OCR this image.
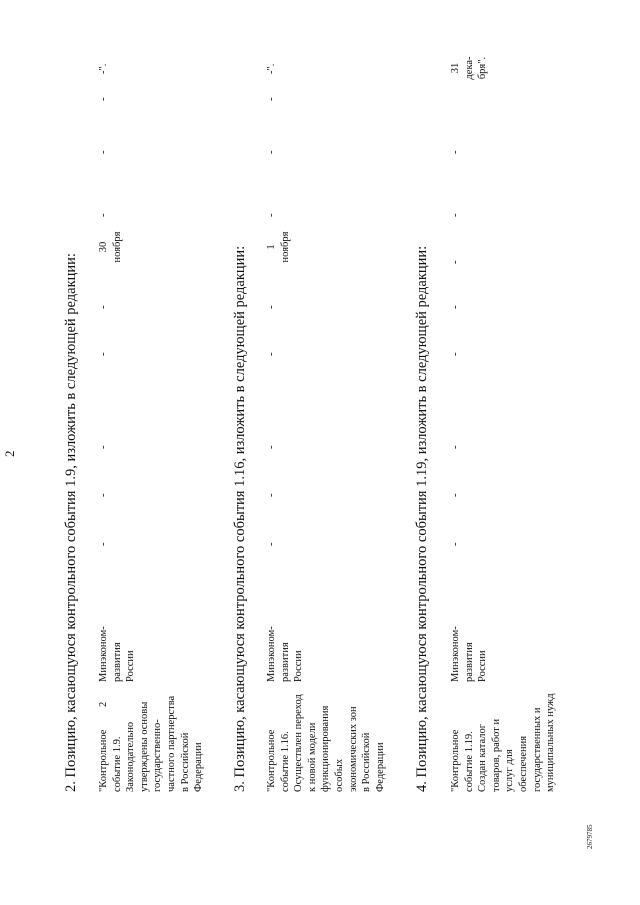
2	2. Позицию, касающуюся контрольного события 1.9, изложить в следующей редакции: "Контрольное событие 1.9. Законодательно утверждены основы государственно- частного партнерства в Российской Федерации
2
Минэконом- развития России
-
-
-
-
-
30 ноября
-
-
-
-".
3. Позицию, касающуюся контрольного события 1.16, изложить в следующей редакции: "Контрольное событие 1.16. Осуществлен переход к новой модели функционирования особых экономических зон в Российской Федерации
Минэконом- развития России
-
-
-
-
-
1 ноября
-
-
-
-".
4. Позицию, касающуюся контрольного события 1.19, изложить в следующей редакции: "Контрольное событие 1.19. Создан каталог товаров, работ и услуг для обеспечения государственных и муниципальных нужд
Минэконом- развития России
-
-
-
-
-
-
-
-
31 дека- бря".
2679785
